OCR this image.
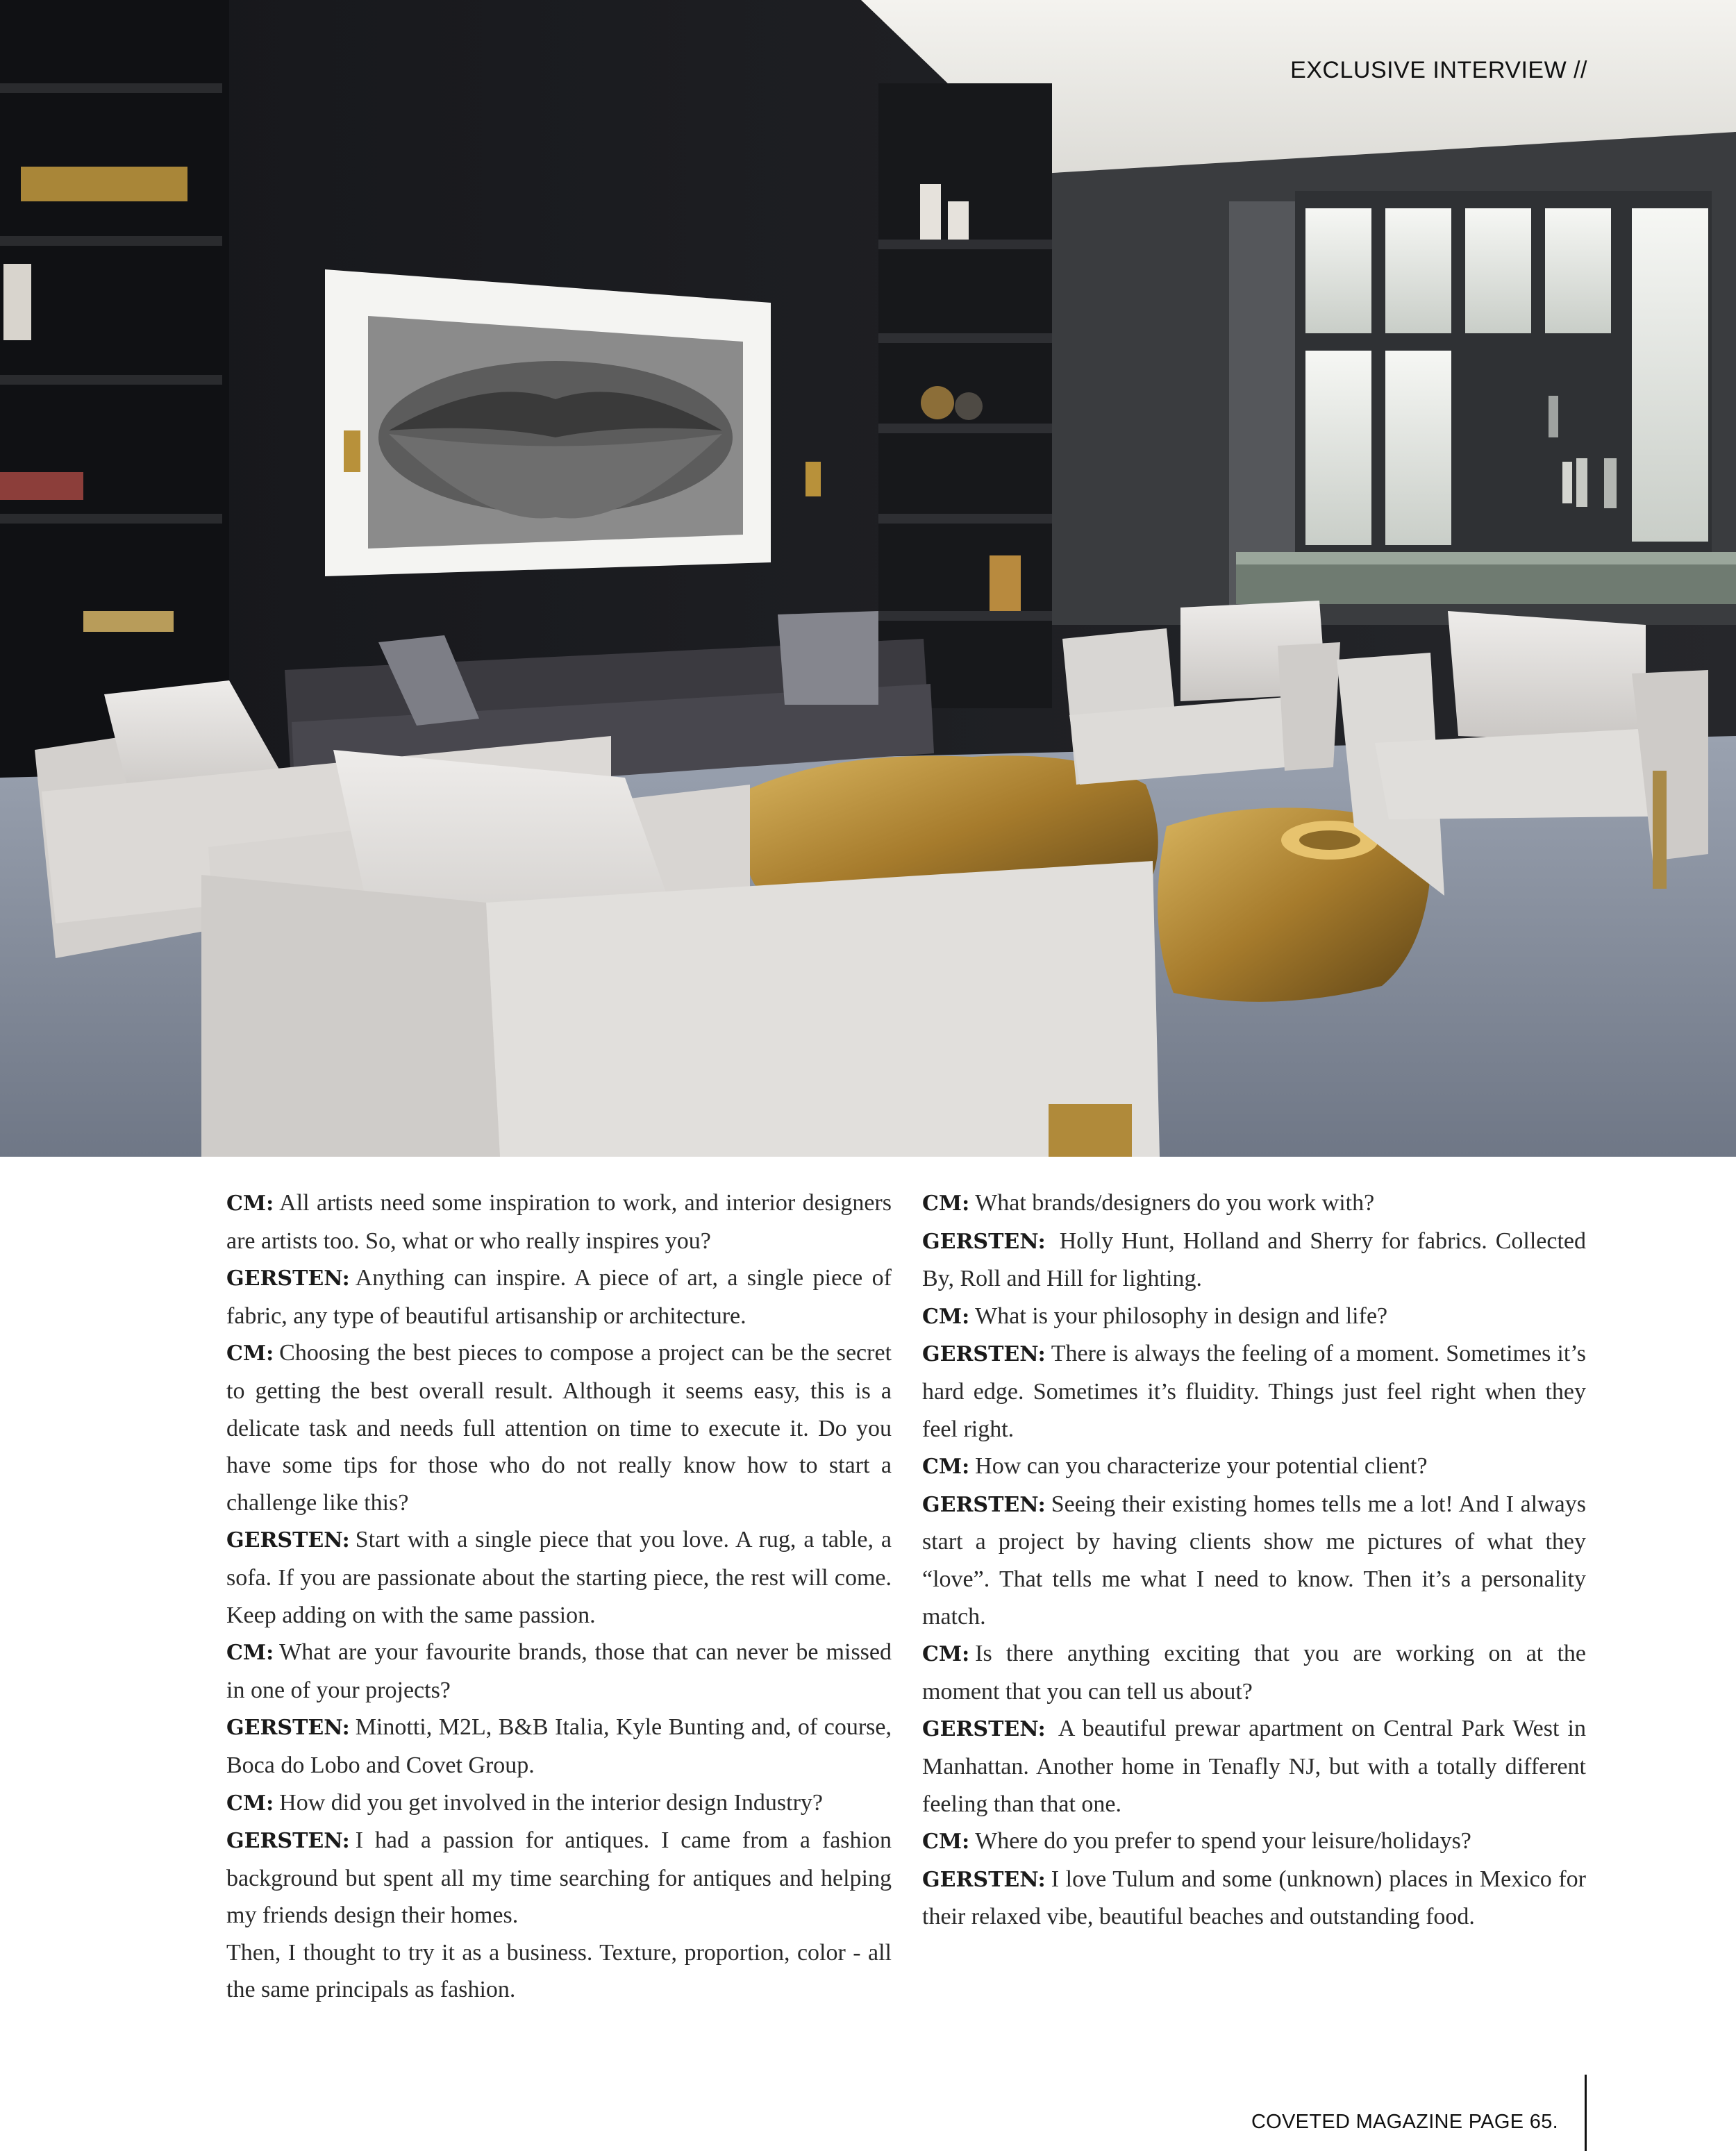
EXCLUSIVE INTERVIEW //

CM: All artists need some inspiration to work, and interior designers are artists too. So, what or who really inspires you?

GERSTEN: Anything can inspire. A piece of art, a single piece of fabric, any type of beautiful artisanship or architecture.

CM: Choosing the best pieces to compose a project can be the secret to getting the best overall result. Although it seems easy, this is a delicate task and needs full attention on time to execute it. Do you have some tips for those who do not really know how to start a challenge like this?

GERSTEN: Start with a single piece that you love. A rug, a table, a sofa. If you are passionate about the starting piece, the rest will come. Keep adding on with the same passion.

CM: What are your favourite brands, those that can never be missed in one of your projects?

GERSTEN: Minotti, M2L, B&B Italia, Kyle Bunting and, of course, Boca do Lobo and Covet Group.

CM: How did you get involved in the interior design Industry?

GERSTEN: I had a passion for antiques. I came from a fashion background but spent all my time searching for antiques and helping my friends design their homes.

Then, I thought to try it as a business. Texture, proportion, color - all the same principals as fashion.

CM: What brands/designers do you work with?

GERSTEN: Holly Hunt, Holland and Sherry for fabrics. Collected By, Roll and Hill for lighting.

CM: What is your philosophy in design and life?

GERSTEN: There is always the feeling of a moment. Sometimes it’s hard edge. Sometimes it’s fluidity. Things just feel right when they feel right.

CM: How can you characterize your potential client?

GERSTEN: Seeing their existing homes tells me a lot! And I always start a project by having clients show me pictures of what they “love”. That tells me what I need to know. Then it’s a personality match.

CM: Is there anything exciting that you are working on at the moment that you can tell us about?

GERSTEN: A beautiful prewar apartment on Central Park West in Manhattan. Another home in Tenafly NJ, but with a totally different feeling than that one.

CM: Where do you prefer to spend your leisure/holidays?

GERSTEN: I love Tulum and some (unknown) places in Mexico for their relaxed vibe, beautiful beaches and outstanding food.

COVETED MAGAZINE PAGE 65.
